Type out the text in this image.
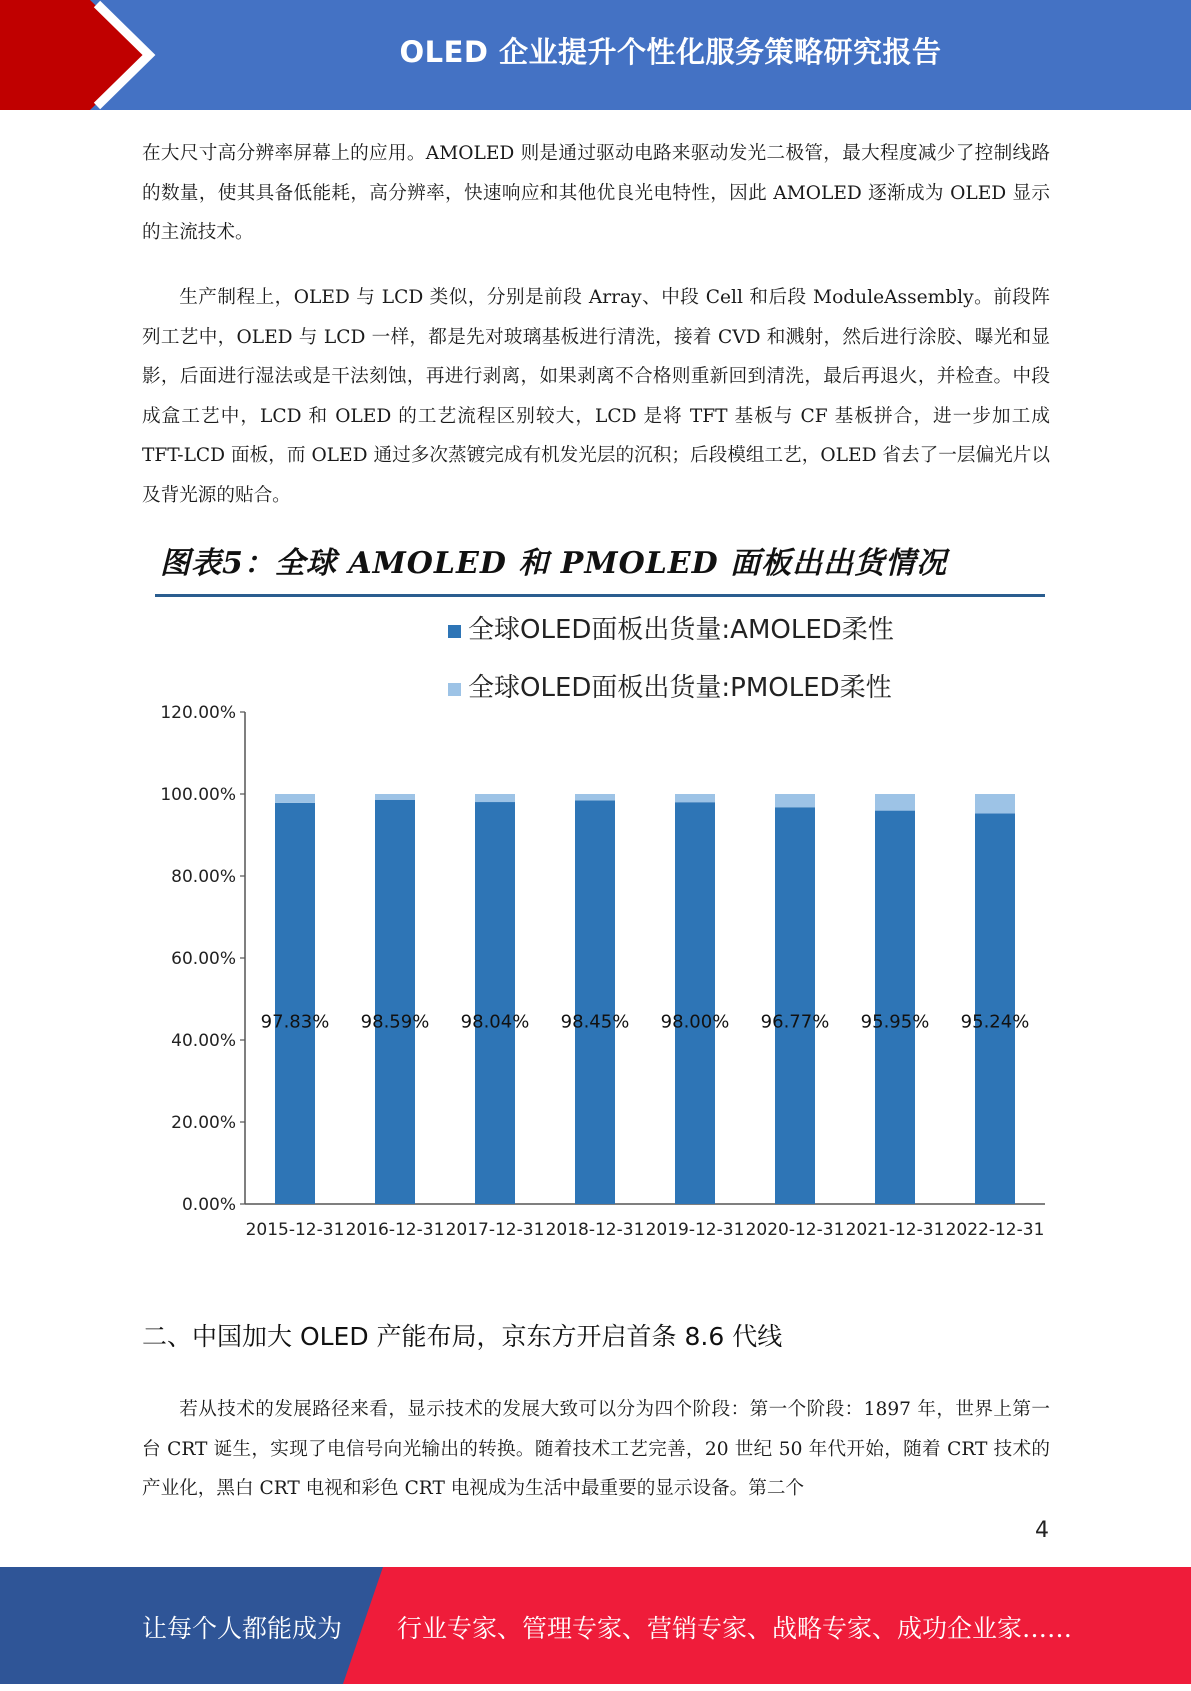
OLED 企业提升个性化服务策略研究报告

在大尺寸高分辨率屏幕上的应用。AMOLED 则是通过驱动电路来驱动发光二极管，最大程度减少了控制线路的数量，使其具备低能耗，高分辨率，快速响应和其他优良光电特性，因此 AMOLED 逐渐成为 OLED 显示的主流技术。

生产制程上，OLED 与 LCD 类似，分别是前段 Array、中段 Cell 和后段 ModuleAssembly。前段阵列工艺中，OLED 与 LCD 一样，都是先对玻璃基板进行清洗，接着 CVD 和溅射，然后进行涂胶、曝光和显影，后面进行湿法或是干法刻蚀，再进行剥离，如果剥离不合格则重新回到清洗，最后再退火，并检查。中段成盒工艺中，LCD 和 OLED 的工艺流程区别较大，LCD 是将 TFT 基板与 CF 基板拼合，进一步加工成 TFT-LCD 面板，而 OLED 通过多次蒸镀完成有机发光层的沉积；后段模组工艺，OLED 省去了一层偏光片以及背光源的贴合。

图表5：全球 AMOLED 和 PMOLED 面板出出货情况
全球OLED面板出货量:AMOLED柔性
全球OLED面板出货量:PMOLED柔性
0.00%
20.00%
40.00%
60.00%
80.00%
100.00%
120.00%
97.83%
2015-12-31
98.59%
2016-12-31
98.04%
2017-12-31
98.45%
2018-12-31
98.00%
2019-12-31
96.77%
2020-12-31
95.95%
2021-12-31
95.24%
2022-12-31
二、中国加大 OLED 产能布局，京东方开启首条 8.6 代线

若从技术的发展路径来看，显示技术的发展大致可以分为四个阶段：第一个阶段：1897 年，世界上第一台 CRT 诞生，实现了电信号向光输出的转换。随着技术工艺完善，20 世纪 50 年代开始，随着 CRT 技术的产业化，黑白 CRT 电视和彩色 CRT 电视成为生活中最重要的显示设备。第二个

4
让每个人都能成为 行业专家、管理专家、营销专家、战略专家、成功企业家……
